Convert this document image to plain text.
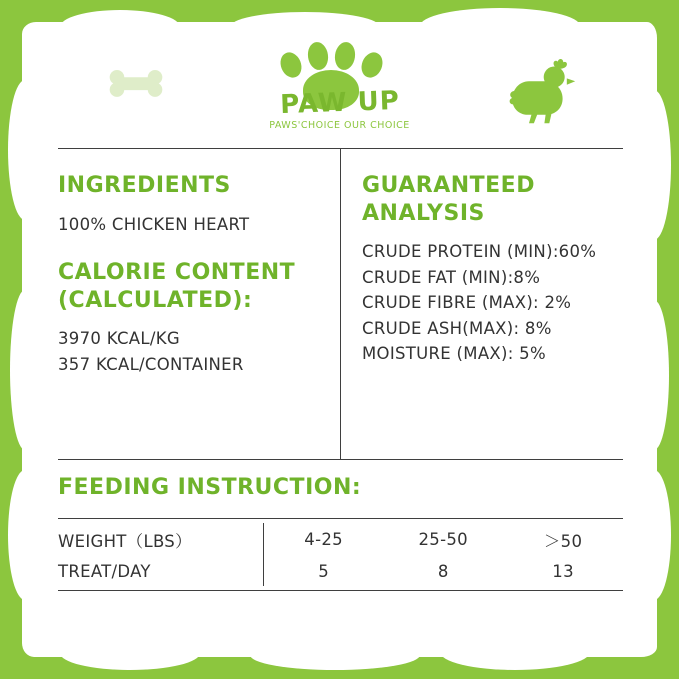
PAW UP
PAWS'CHOICE OUR CHOICE
INGREDIENTS
100% CHICKEN HEART
CALORIE CONTENT
(CALCULATED):
3970 KCAL/KG
357 KCAL/CONTAINER
GUARANTEED
ANALYSIS
CRUDE PROTEIN (MIN):60%
CRUDE FAT (MIN):8%
CRUDE FIBRE (MAX): 2%
CRUDE ASH(MAX): 8%
MOISTURE (MAX): 5%
FEEDING INSTRUCTION:
WEIGHT（LBS）	4-25	25-50	＞50
TREAT/DAY	5	8	13
